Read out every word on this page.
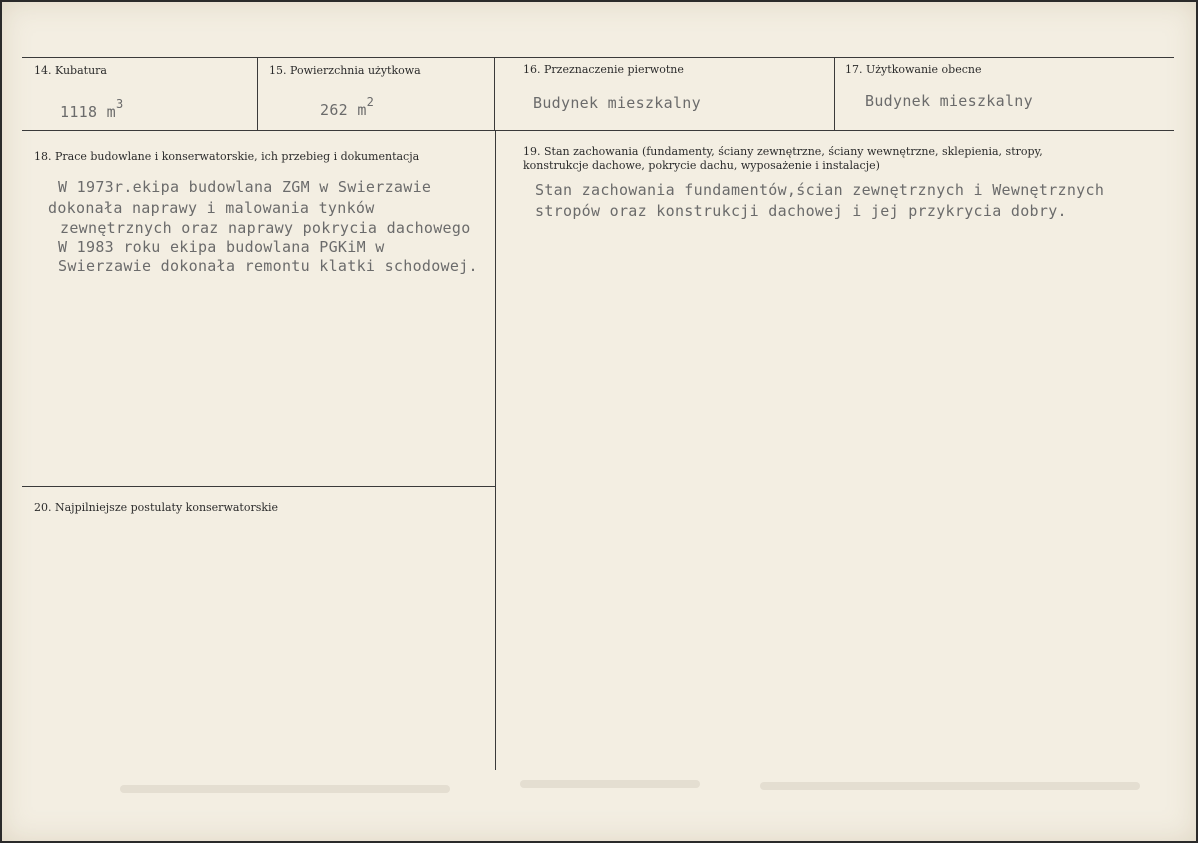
14. Kubatura
1118 $m^3$
15. Powierzchnia użytkowa
262 $m^2$
16. Przeznaczenie pierwotne
Budynek mieszkalny
17. Użytkowanie obecne
Budynek mieszkalny
18. Prace budowlane i konserwatorskie, ich przebieg i dokumentacja
W 1973r.ekipa budowlana ZGM w Swierzawie
dokonała naprawy i malowania tynków
zewnętrznych oraz naprawy pokrycia dachowego
W 1983 roku ekipa budowlana PGKiM w
Swierzawie dokonała remontu klatki schodowej.
19. Stan zachowania (fundamenty, ściany zewnętrzne, ściany wewnętrzne, sklepienia, stropy,
konstrukcje dachowe, pokrycie dachu, wyposażenie i instalacje)
Stan zachowania fundamentów,ścian zewnętrznych i Wewnętrznych
stropów oraz konstrukcji dachowej i jej przykrycia dobry.
20. Najpilniejsze postulaty konserwatorskie
